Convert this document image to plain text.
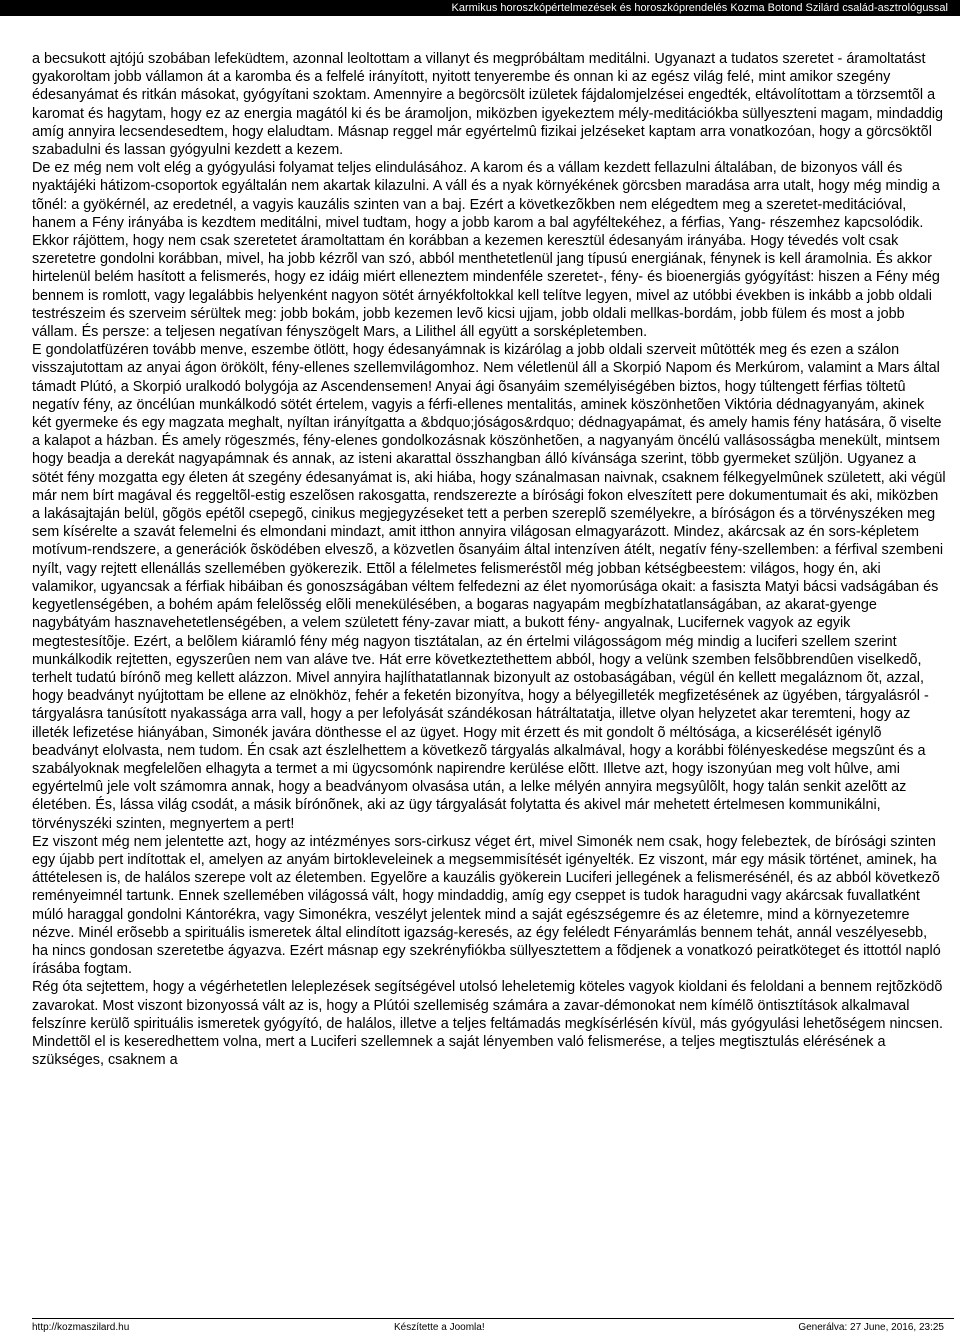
Karmikus horoszkópértelmezések és horoszkóprendelés Kozma Botond Szilárd család-asztrológussal

a becsukott ajtójú szobában lefeküdtem, azonnal leoltottam a villanyt és megpróbáltam meditálni. Ugyanazt a tudatos szeretet - áramoltatást gyakoroltam jobb vállamon át a karomba és a felfelé irányított, nyitott tenyerembe és onnan ki az egész világ felé, mint amikor szegény édesanyámat és ritkán másokat, gyógyítani szoktam. Amennyire a begörcsölt izületek fájdalomjelzései engedték, eltávolítottam a törzsemtõl a karomat és hagytam, hogy ez az energia magától ki és be áramoljon, miközben igyekeztem mély-meditációkba süllyeszteni magam, mindaddig amíg annyira lecsendesedtem, hogy elaludtam. Másnap reggel már egyértelmû fizikai jelzéseket kaptam arra vonatkozóan, hogy a görcsöktõl szabadulni és lassan gyógyulni kezdett a kezem.

De ez még nem volt elég a gyógyulási folyamat teljes elindulásához. A karom és a vállam kezdett fellazulni általában, de bizonyos váll és nyaktájéki hátizom-csoportok egyáltalán nem akartak kilazulni. A váll és a nyak környékének görcsben maradása arra utalt, hogy még mindig a tõnél: a gyökérnél, az eredetnél, a vagyis kauzális szinten van a baj. Ezért a következõkben nem elégedtem meg a szeretet-meditációval, hanem a Fény irányába is kezdtem meditálni, mivel tudtam, hogy a jobb karom a bal agyféltekéhez, a férfias, Yang- részemhez kapcsolódik. Ekkor rájöttem, hogy nem csak szeretetet áramoltattam én korábban a kezemen keresztül édesanyám irányába. Hogy tévedés volt csak szeretetre gondolni korábban, mivel, ha jobb kézrõl van szó, abból menthetetlenül jang típusú energiának, fénynek is kell áramolnia. És akkor hirtelenül belém hasított a felismerés, hogy ez idáig miért elleneztem mindenféle szeretet-, fény- és bioenergiás gyógyítást: hiszen a Fény még bennem is romlott, vagy legalábbis helyenként nagyon sötét árnyékfoltokkal kell telítve legyen, mivel az utóbbi években is inkább a jobb oldali testrészeim és szerveim sérültek meg: jobb bokám, jobb kezemen levõ kicsi ujjam, jobb oldali mellkas-bordám, jobb fülem és most a jobb vállam. És persze: a teljesen negatívan fényszögelt Mars, a Lilithel áll együtt a sorsképletemben.

E gondolatfüzéren tovább menve, eszembe ötlött, hogy édesanyámnak is kizárólag a jobb oldali szerveit mûtötték meg és ezen a szálon visszajutottam az anyai ágon örökölt, fény-ellenes szellemvilágomhoz. Nem véletlenül áll a Skorpió Napom és Merkúrom, valamint a Mars által támadt Plútó, a Skorpió uralkodó bolygója az Ascendensemen! Anyai ági õsanyáim személyiségében biztos, hogy túltengett férfias töltetû negatív fény, az öncélúan munkálkodó sötét értelem, vagyis a férfi-ellenes mentalitás, aminek köszönhetõen Viktória dédnagyanyám, akinek két gyermeke és egy magzata meghalt, nyíltan irányítgatta a &bdquo;jóságos&rdquo; dédnagyapámat, és amely hamis fény hatására, õ viselte a kalapot a házban. És amely rögeszmés, fény-elenes gondolkozásnak köszönhetõen, a nagyanyám öncélú vallásosságba menekült, mintsem hogy beadja a derekát nagyapámnak és annak, az isteni akarattal összhangban álló kívánsága szerint, több gyermeket szüljön. Ugyanez a sötét fény mozgatta egy életen át szegény édesanyámat is, aki hiába, hogy szánalmasan naivnak, csaknem félkegyelmûnek született, aki végül már nem bírt magával és reggeltõl-estig eszelõsen rakosgatta, rendszerezte a bírósági fokon elveszített pere dokumentumait és aki, miközben a lakásajtaján belül, gõgös epétõl csepegõ, cinikus megjegyzéseket tett a perben szereplõ személyekre, a bíróságon és a törvényszéken meg sem kísérelte a szavát felemelni és elmondani mindazt, amit itthon annyira világosan elmagyarázott. Mindez, akárcsak az én sors-képletem motívum-rendszere, a generációk õsködében elveszõ, a közvetlen õsanyáim által intenzíven átélt, negatív fény-szellemben: a férfival szembeni nyílt, vagy rejtett ellenállás szellemében gyökerezik. Ettõl a félelmetes felismeréstõl még jobban kétségbeestem: világos, hogy én, aki valamikor, ugyancsak a férfiak hibáiban és gonoszságában véltem felfedezni az élet nyomorúsága okait: a fasiszta Matyi bácsi vadságában és kegyetlenségében, a bohém apám felelõsség elõli menekülésében, a bogaras nagyapám megbízhatatlanságában, az akarat-gyenge nagybátyám hasznavehetetlenségében, a velem született fény-zavar miatt, a bukott fény- angyalnak, Lucifernek vagyok az egyik megtestesítõje. Ezért, a belõlem kiáramló fény még nagyon tisztátalan, az én értelmi világosságom még mindig a luciferi szellem szerint munkálkodik rejtetten, egyszerûen nem van aláve tve. Hát erre következtethettem abból, hogy a velünk szemben felsõbbrendûen viselkedõ, terhelt tudatú bírónõ meg kellett alázzon. Mivel annyira hajlíthatatlannak bizonyult az ostobaságában, végül én kellett megaláznom õt, azzal, hogy beadványt nyújtottam be ellene az elnökhöz, fehér a feketén bizonyítva, hogy a bélyegilleték megfizetésének az ügyében, tárgyalásról - tárgyalásra tanúsított nyakassága arra vall, hogy a per lefolyását szándékosan hátráltatatja, illetve olyan helyzetet akar teremteni, hogy az illeték lefizetése hiányában, Simonék javára dönthesse el az ügyet. Hogy mit érzett és mit gondolt õ méltósága, a kicserélését igénylõ beadványt elolvasta, nem tudom. Én csak azt észlelhettem a következõ tárgyalás alkalmával, hogy a korábbi fölényeskedése megszûnt és a szabályoknak megfelelõen elhagyta a termet a mi ügycsomónk napirendre kerülése elõtt. Illetve azt, hogy iszonyúan meg volt hûlve, ami egyértelmû jele volt számomra annak, hogy a beadványom olvasása után, a lelke mélyén annyira megsyûlõlt, hogy talán senkit azelõtt az életében. És, lássa világ csodát, a másik bírónõnek, aki az ügy tárgyalását folytatta és akivel már mehetett értelmesen kommunikálni, törvényszéki szinten, megnyertem a pert!

Ez viszont még nem jelentette azt, hogy az intézményes sors-cirkusz véget ért, mivel Simonék nem csak, hogy felebeztek, de bírósági szinten egy újabb pert indítottak el, amelyen az anyám birtokleveleinek a megsemmisítését igényelték. Ez viszont, már egy másik történet, aminek, ha áttételesen is, de halálos szerepe volt az életemben. Egyelõre a kauzális gyökerein Luciferi jellegének a felismerésénél, és az abból következõ reményeimnél tartunk. Ennek szellemében világossá vált, hogy mindaddig, amíg egy cseppet is tudok haragudni vagy akárcsak fuvallatként múló haraggal gondolni Kántorékra, vagy Simonékra, veszélyt jelentek mind a saját egészségemre és az életemre, mind a környezetemre nézve. Minél erõsebb a spirituális ismeretek által elindított igazság-keresés, az égy feléledt Fényarámlás bennem tehát, annál veszélyesebb, ha nincs gondosan szeretetbe ágyazva. Ezért másnap egy szekrényfiókba süllyesztettem a fõdjenek a vonatkozó peiratköteget és ittottól napló írásába fogtam.

Rég óta sejtettem, hogy a végérhetetlen leleplezések segítségével utolsó leheletemig köteles vagyok kioldani és feloldani a bennem rejtõzködõ zavarokat. Most viszont bizonyossá vált az is, hogy a Plútói szellemiség számára a zavar-démonokat nem kímélõ öntisztítások alkalmaval felszínre kerülõ spirituális ismeretek gyógyító, de halálos, illetve a teljes feltámadás megkísérlésén kívül, más gyógyulási lehetõségem nincsen. Mindettõl el is keseredhettem volna, mert a Luciferi szellemnek a saját lényemben való felismerése, a teljes megtisztulás elérésének a szükséges, csaknem a

http://kozmaszilard.hu	Készítette a Joomla!	Generálva: 27 June, 2016, 23:25
